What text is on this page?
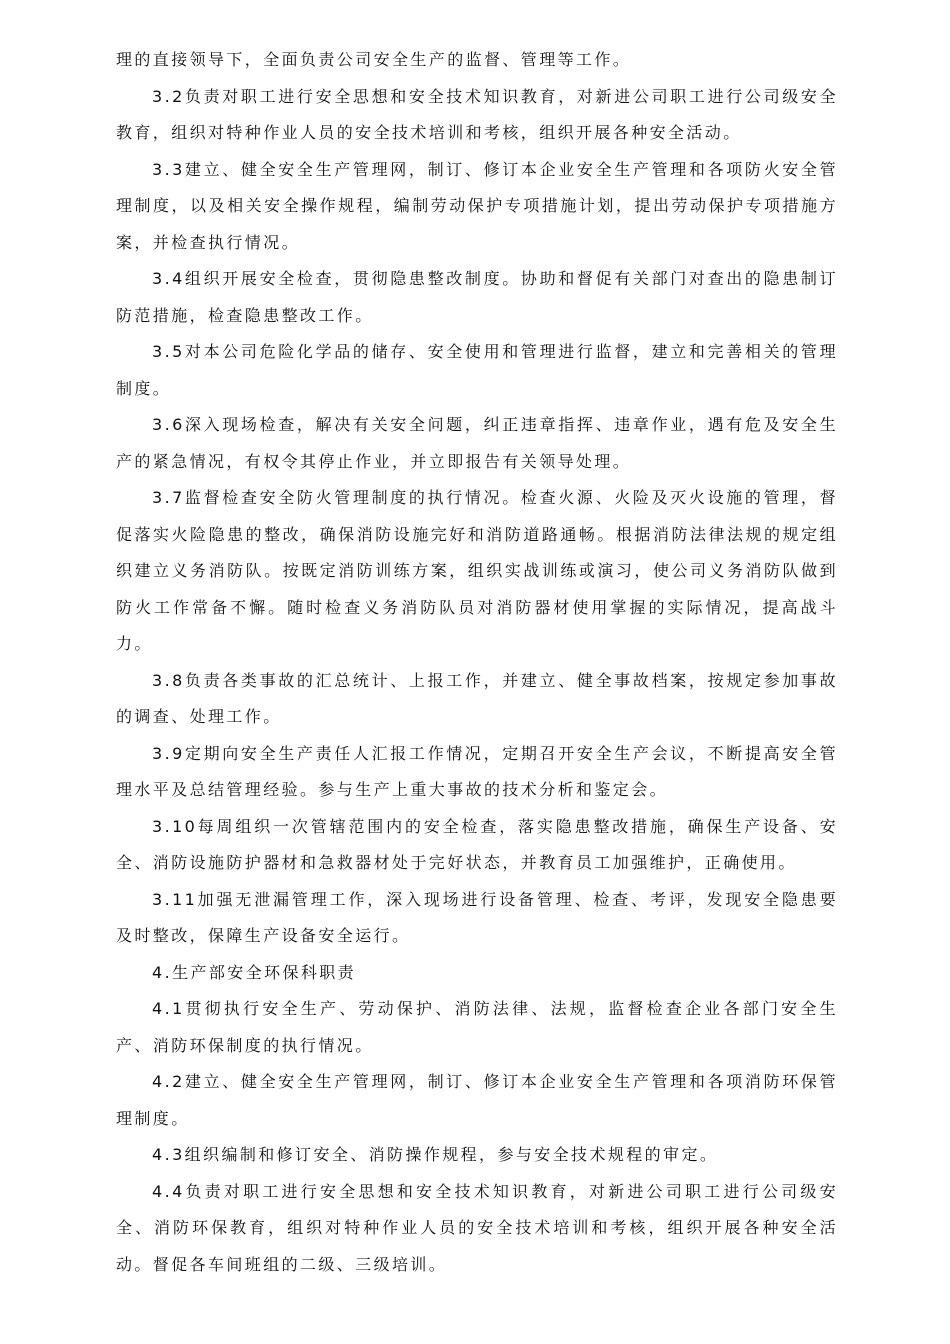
理的直接领导下，全面负责公司安全生产的监督、管理等工作。

3.2负责对职工进行安全思想和安全技术知识教育，对新进公司职工进行公司级安全教育，组织对特种作业人员的安全技术培训和考核，组织开展各种安全活动。

3.3建立、健全安全生产管理网，制订、修订本企业安全生产管理和各项防火安全管理制度，以及相关安全操作规程，编制劳动保护专项措施计划，提出劳动保护专项措施方案，并检查执行情况。

3.4组织开展安全检查，贯彻隐患整改制度。协助和督促有关部门对查出的隐患制订防范措施，检查隐患整改工作。

3.5对本公司危险化学品的储存、安全使用和管理进行监督，建立和完善相关的管理制度。

3.6深入现场检查，解决有关安全问题，纠正违章指挥、违章作业，遇有危及安全生产的紧急情况，有权令其停止作业，并立即报告有关领导处理。

3.7监督检查安全防火管理制度的执行情况。检查火源、火险及灭火设施的管理，督促落实火险隐患的整改，确保消防设施完好和消防道路通畅。根据消防法律法规的规定组织建立义务消防队。按既定消防训练方案，组织实战训练或演习，使公司义务消防队做到防火工作常备不懈。随时检查义务消防队员对消防器材使用掌握的实际情况，提高战斗力。

3.8负责各类事故的汇总统计、上报工作，并建立、健全事故档案，按规定参加事故的调查、处理工作。

3.9定期向安全生产责任人汇报工作情况，定期召开安全生产会议，不断提高安全管理水平及总结管理经验。参与生产上重大事故的技术分析和鉴定会。

3.10每周组织一次管辖范围内的安全检查，落实隐患整改措施，确保生产设备、安全、消防设施防护器材和急救器材处于完好状态，并教育员工加强维护，正确使用。

3.11加强无泄漏管理工作，深入现场进行设备管理、检查、考评，发现安全隐患要及时整改，保障生产设备安全运行。

4.生产部安全环保科职责

4.1贯彻执行安全生产、劳动保护、消防法律、法规，监督检查企业各部门安全生产、消防环保制度的执行情况。

4.2建立、健全安全生产管理网，制订、修订本企业安全生产管理和各项消防环保管理制度。

4.3组织编制和修订安全、消防操作规程，参与安全技术规程的审定。

4.4负责对职工进行安全思想和安全技术知识教育，对新进公司职工进行公司级安全、消防环保教育，组织对特种作业人员的安全技术培训和考核，组织开展各种安全活动。督促各车间班组的二级、三级培训。
